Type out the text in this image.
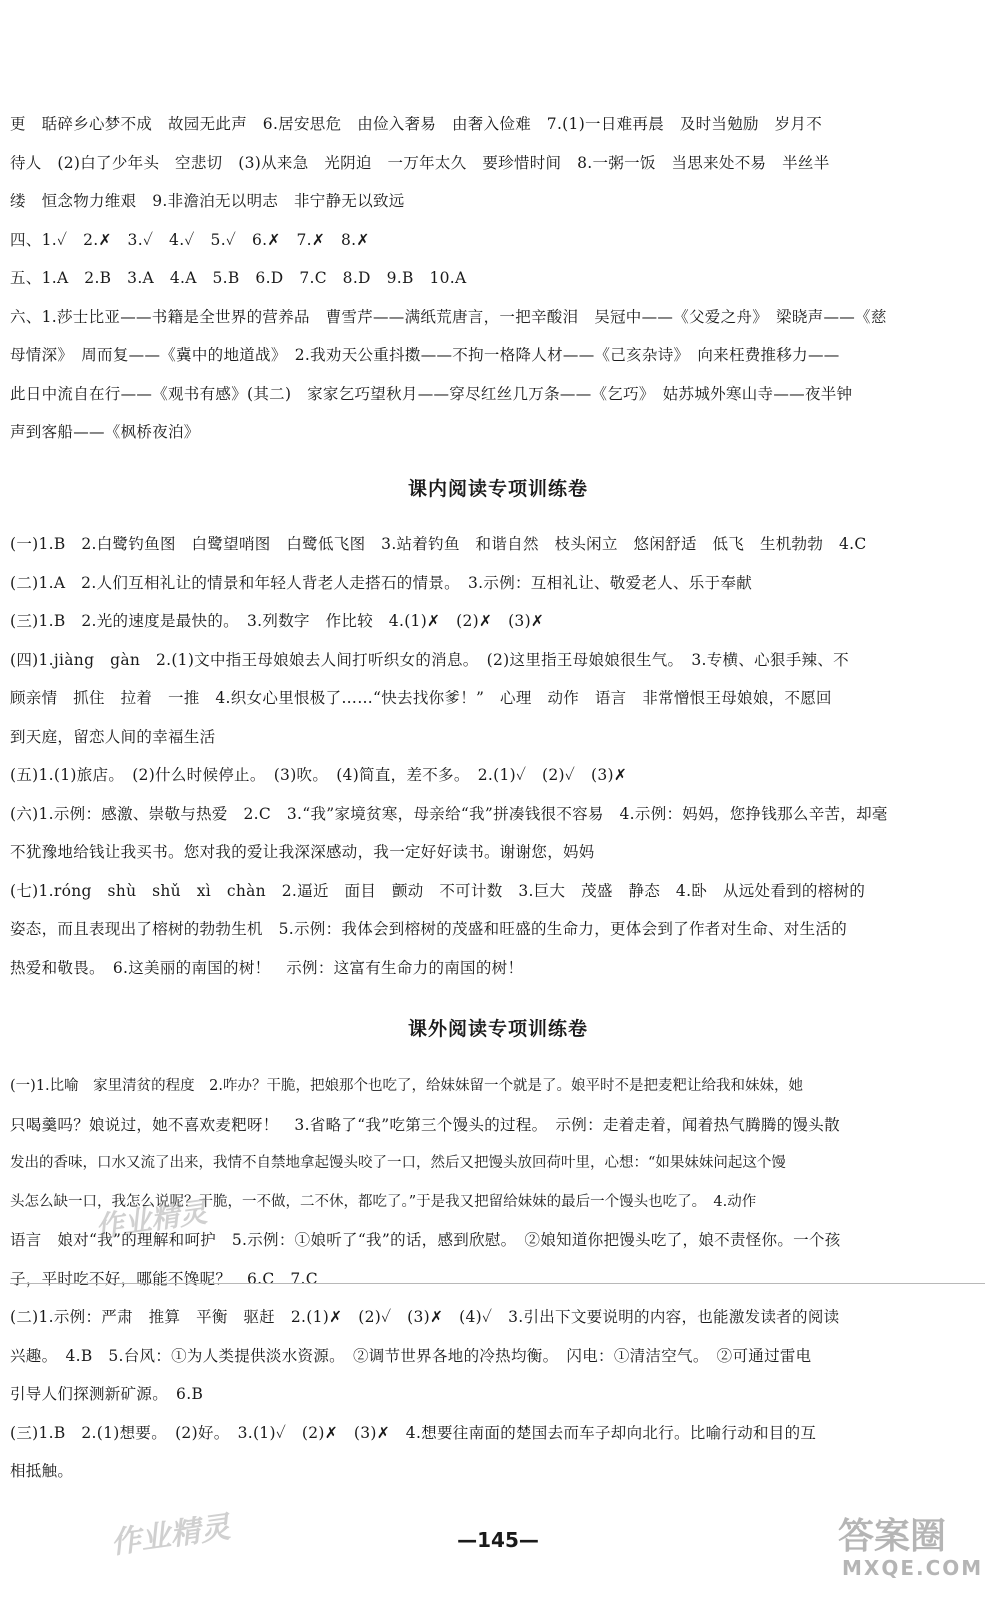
更　聒碎乡心梦不成　故园无此声　6.居安思危　由俭入奢易　由奢入俭难　7.(1)一日难再晨　及时当勉励　岁月不
待人　(2)白了少年头　空悲切　(3)从来急　光阴迫　一万年太久　要珍惜时间　8.一粥一饭　当思来处不易　半丝半
缕　恒念物力维艰　9.非澹泊无以明志　非宁静无以致远
四、1.✓　2.✗　3.✓　4.✓　5.✓　6.✗　7.✗　8.✗
五、1.A　2.B　3.A　4.A　5.B　6.D　7.C　8.D　9.B　10.A
六、1.莎士比亚——书籍是全世界的营养品　曹雪芹——满纸荒唐言，一把辛酸泪　吴冠中——《父爱之舟》　梁晓声——《慈
母情深》　周而复——《冀中的地道战》　2.我劝天公重抖擞——不拘一格降人材——《己亥杂诗》　向来枉费推移力——
此日中流自在行——《观书有感》(其二)　家家乞巧望秋月——穿尽红丝几万条——《乞巧》　姑苏城外寒山寺——夜半钟
声到客船——《枫桥夜泊》
课内阅读专项训练卷
(一)1.B　2.白鹭钓鱼图　白鹭望哨图　白鹭低飞图　3.站着钓鱼　和谐自然　枝头闲立　悠闲舒适　低飞　生机勃勃　4.C
(二)1.A　2.人们互相礼让的情景和年轻人背老人走搭石的情景。　3.示例：互相礼让、敬爱老人、乐于奉献
(三)1.B　2.光的速度是最快的。　3.列数字　作比较　4.(1)✗　(2)✗　(3)✗
(四)1.jiàng　gàn　2.(1)文中指王母娘娘去人间打听织女的消息。　(2)这里指王母娘娘很生气。　3.专横、心狠手辣、不
顾亲情　抓住　拉着　一推　4.织女心里恨极了……“快去找你爹！”　心理　动作　语言　非常憎恨王母娘娘，不愿回
到天庭，留恋人间的幸福生活
(五)1.(1)旅店。　(2)什么时候停止。　(3)吹。　(4)简直，差不多。　2.(1)✓　(2)✓　(3)✗
(六)1.示例：感激、崇敬与热爱　2.C　3.“我”家境贫寒，母亲给“我”拼凑钱很不容易　4.示例：妈妈，您挣钱那么辛苦，却毫
不犹豫地给钱让我买书。您对我的爱让我深深感动，我一定好好读书。谢谢您，妈妈
(七)1.róng　shù　shǔ　xì　chàn　2.逼近　面目　颤动　不可计数　3.巨大　茂盛　静态　4.卧　从远处看到的榕树的
姿态，而且表现出了榕树的勃勃生机　5.示例：我体会到榕树的茂盛和旺盛的生命力，更体会到了作者对生命、对生活的
热爱和敬畏。　6.这美丽的南国的树！　示例：这富有生命力的南国的树！
课外阅读专项训练卷
(一)1.比喻　家里清贫的程度　2.咋办？干脆，把娘那个也吃了，给妹妹留一个就是了。娘平时不是把麦粑让给我和妹妹，她
只喝羹吗？娘说过，她不喜欢麦粑呀！　3.省略了“我”吃第三个馒头的过程。　示例：走着走着，闻着热气腾腾的馒头散
发出的香味，口水又流了出来，我情不自禁地拿起馒头咬了一口，然后又把馒头放回荷叶里，心想：“如果妹妹问起这个馒
头怎么缺一口，我怎么说呢？干脆，一不做，二不休，都吃了。”于是我又把留给妹妹的最后一个馒头也吃了。　4.动作
语言　娘对“我”的理解和呵护　5.示例：①娘听了“我”的话，感到欣慰。　②娘知道你把馒头吃了，娘不责怪你。一个孩
子，平时吃不好，哪能不馋呢？　6.C　7.C
(二)1.示例：严肃　推算　平衡　驱赶　2.(1)✗　(2)✓　(3)✗　(4)✓　3.引出下文要说明的内容，也能激发读者的阅读
兴趣。　4.B　5.台风：①为人类提供淡水资源。　②调节世界各地的冷热均衡。　闪电：①清洁空气。　②可通过雷电
引导人们探测新矿源。　6.B
(三)1.B　2.(1)想要。　(2)好。　3.(1)✓　(2)✗　(3)✗　4.想要往南面的楚国去而车子却向北行。比喻行动和目的互
相抵触。
—145—
作业精灵
作业精灵	答案圈
MXQE.COM
